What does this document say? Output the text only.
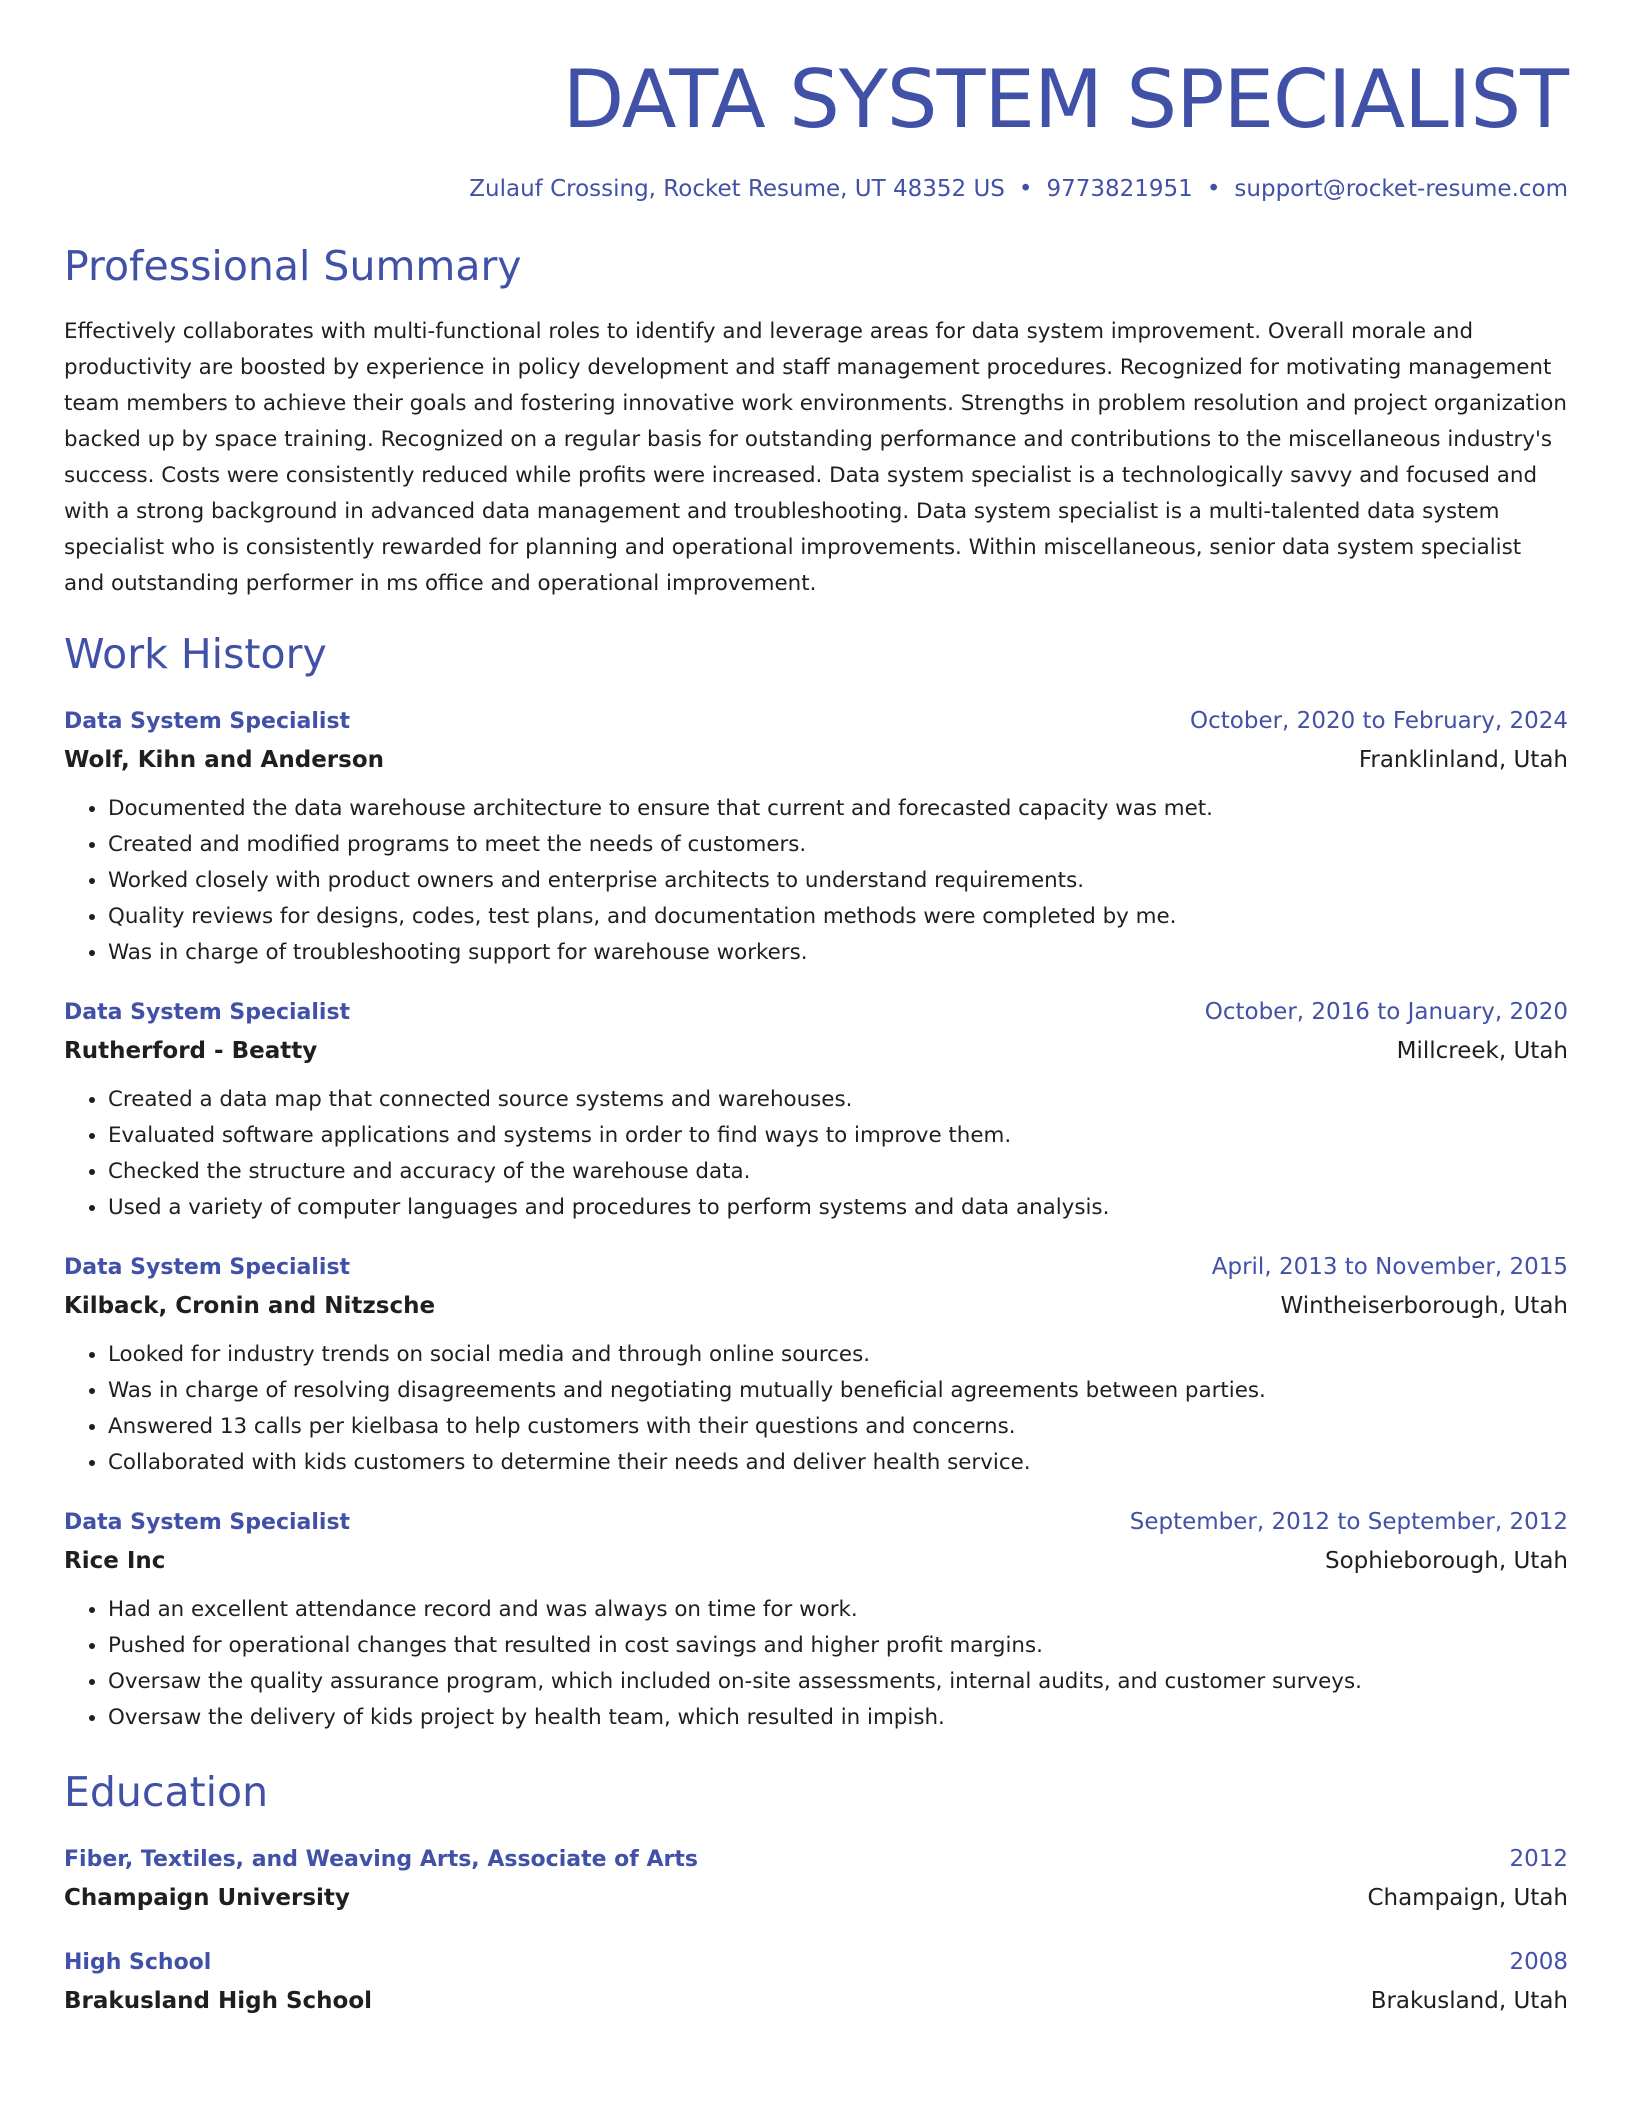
DATA SYSTEM SPECIALIST
Zulauf Crossing, Rocket Resume, UT 48352 US • 9773821951 • support@rocket-resume.com
Professional Summary
Effectively collaborates with multi-functional roles to identify and leverage areas for data system improvement. Overall morale and productivity are boosted by experience in policy development and staff management procedures. Recognized for motivating management team members to achieve their goals and fostering innovative work environments. Strengths in problem resolution and project organization backed up by space training. Recognized on a regular basis for outstanding performance and contributions to the miscellaneous industry's success. Costs were consistently reduced while profits were increased. Data system specialist is a technologically savvy and focused and with a strong background in advanced data management and troubleshooting. Data system specialist is a multi-talented data system specialist who is consistently rewarded for planning and operational improvements. Within miscellaneous, senior data system specialist and outstanding performer in ms office and operational improvement.
Work History
Data System Specialist	October, 2020 to February, 2024
Wolf, Kihn and Anderson	Franklinland, Utah
• Documented the data warehouse architecture to ensure that current and forecasted capacity was met.
• Created and modified programs to meet the needs of customers.
• Worked closely with product owners and enterprise architects to understand requirements.
• Quality reviews for designs, codes, test plans, and documentation methods were completed by me.
• Was in charge of troubleshooting support for warehouse workers.
Data System Specialist	October, 2016 to January, 2020
Rutherford - Beatty	Millcreek, Utah
• Created a data map that connected source systems and warehouses.
• Evaluated software applications and systems in order to find ways to improve them.
• Checked the structure and accuracy of the warehouse data.
• Used a variety of computer languages and procedures to perform systems and data analysis.
Data System Specialist	April, 2013 to November, 2015
Kilback, Cronin and Nitzsche	Wintheiserborough, Utah
• Looked for industry trends on social media and through online sources.
• Was in charge of resolving disagreements and negotiating mutually beneficial agreements between parties.
• Answered 13 calls per kielbasa to help customers with their questions and concerns.
• Collaborated with kids customers to determine their needs and deliver health service.
Data System Specialist	September, 2012 to September, 2012
Rice Inc	Sophieborough, Utah
• Had an excellent attendance record and was always on time for work.
• Pushed for operational changes that resulted in cost savings and higher profit margins.
• Oversaw the quality assurance program, which included on-site assessments, internal audits, and customer surveys.
• Oversaw the delivery of kids project by health team, which resulted in impish.
Education
Fiber, Textiles, and Weaving Arts, Associate of Arts	2012
Champaign University	Champaign, Utah
High School	2008
Brakusland High School	Brakusland, Utah
